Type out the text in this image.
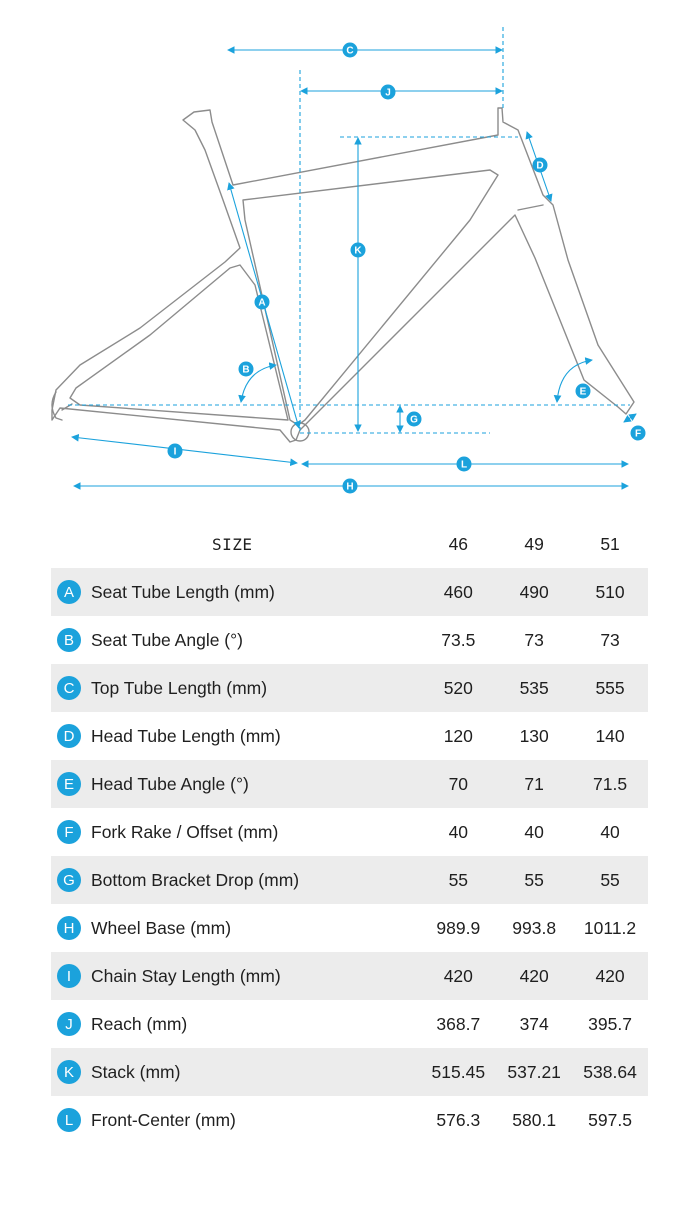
C
J
D
K
A
B
E
G
F
I
L
H
SIZE	46	49	51

A Seat Tube Length (mm)	460	490	510

B Seat Tube Angle (°)	73.5	73	73

C Top Tube Length (mm)	520	535	555

D Head Tube Length (mm)	120	130	140

E Head Tube Angle (°)	70	71	71.5

F Fork Rake / Offset (mm)	40	40	40

G Bottom Bracket Drop (mm)	55	55	55

H Wheel Base (mm)	989.9	993.8	1011.2

I Chain Stay Length (mm)	420	420	420

J Reach (mm)	368.7	374	395.7

K Stack (mm)	515.45	537.21	538.64

L Front-Center (mm)	576.3	580.1	597.5
